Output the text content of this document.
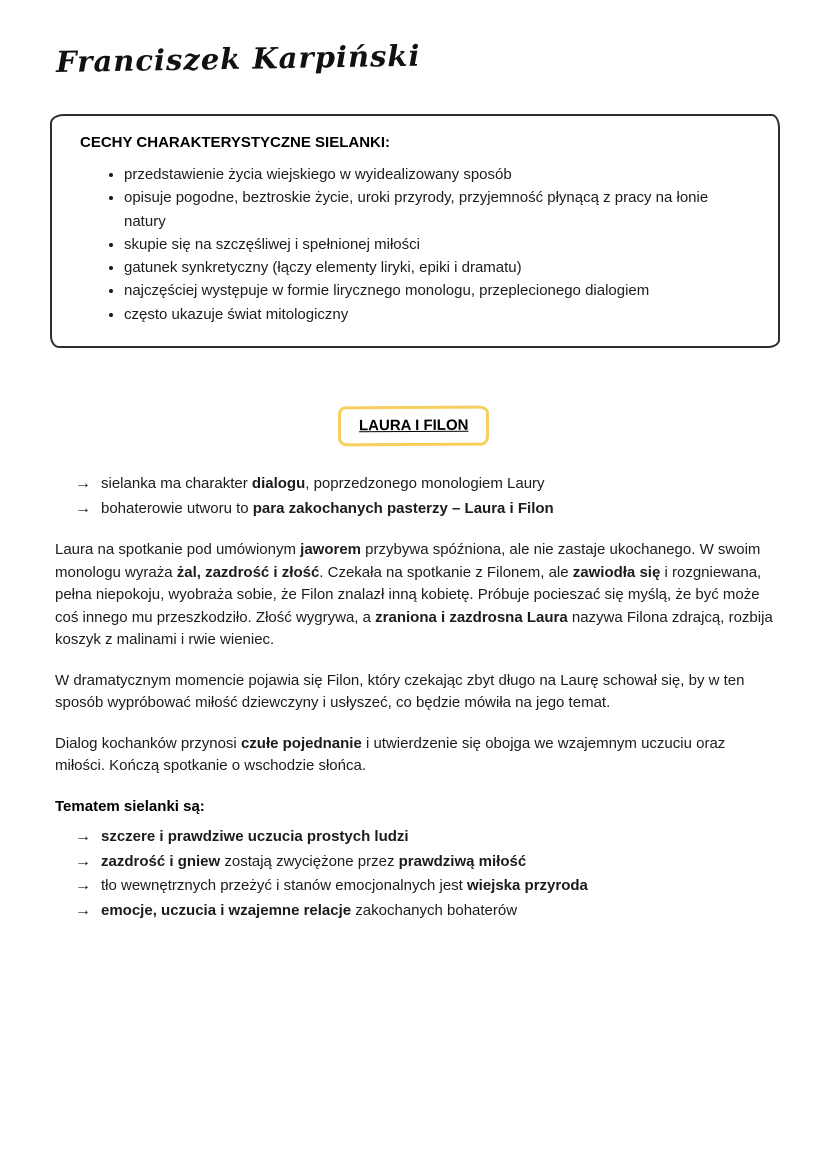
Franciszek Karpiński
CECHY CHARAKTERYSTYCZNE SIELANKI:
• przedstawienie życia wiejskiego w wyidealizowany sposób
• opisuje pogodne, beztroskie życie, uroki przyrody, przyjemność płynącą z pracy na łonie natury
• skupie się na szczęśliwej i spełnionej miłości
• gatunek synkretyczny (łączy elementy liryki, epiki i dramatu)
• najczęściej występuje w formie lirycznego monologu, przeplecionego dialogiem
• często ukazuje świat mitologiczny
LAURA I FILON
→ sielanka ma charakter dialogu, poprzedzonego monologiem Laury
→ bohaterowie utworu to para zakochanych pasterzy – Laura i Filon

Laura na spotkanie pod umówionym jaworem przybywa spóźniona, ale nie zastaje ukochanego. W swoim monologu wyraża żal, zazdrość i złość. Czekała na spotkanie z Filonem, ale zawiodła się i rozgniewana, pełna niepokoju, wyobraża sobie, że Filon znalazł inną kobietę. Próbuje pocieszać się myślą, że być może coś innego mu przeszkodziło. Złość wygrywa, a zraniona i zazdrosna Laura nazywa Filona zdrajcą, rozbija koszyk z malinami i rwie wieniec.

W dramatycznym momencie pojawia się Filon, który czekając zbyt długo na Laurę schował się, by w ten sposób wypróbować miłość dziewczyny i usłyszeć, co będzie mówiła na jego temat.

Dialog kochanków przynosi czułe pojednanie i utwierdzenie się obojga we wzajemnym uczuciu oraz miłości. Kończą spotkanie o wschodzie słońca.

Tematem sielanki są:
→ szczere i prawdziwe uczucia prostych ludzi
→ zazdrość i gniew zostają zwyciężone przez prawdziwą miłość
→ tło wewnętrznych przeżyć i stanów emocjonalnych jest wiejska przyroda
→ emocje, uczucia i wzajemne relacje zakochanych bohaterów
